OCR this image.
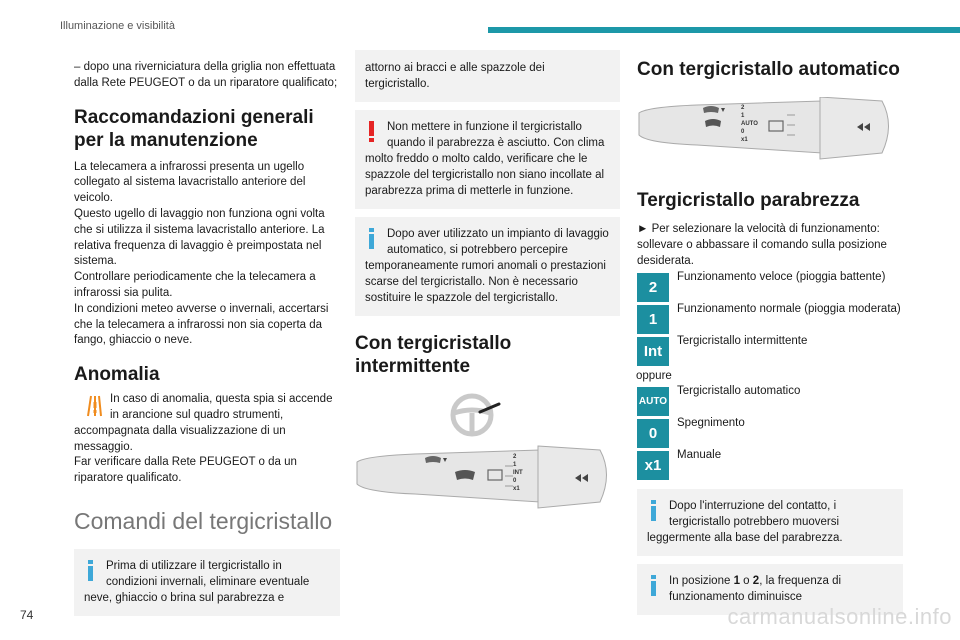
Illuminazione e visibilità

– dopo una riverniciatura della griglia non effettuata dalla Rete PEUGEOT o da un riparatore qualificato;

Raccomandazioni generali per la manutenzione

La telecamera a infrarossi presenta un ugello collegato al sistema lavacristallo anteriore del veicolo.

Questo ugello di lavaggio non funziona ogni volta che si utilizza il sistema lavacristallo anteriore. La relativa frequenza di lavaggio è preimpostata nel sistema.

Controllare periodicamente che la telecamera a infrarossi sia pulita.

In condizioni meteo avverse o invernali, accertarsi che la telecamera a infrarossi non sia coperta da fango, ghiaccio o neve.

Anomalia

In caso di anomalia, questa spia si accende in arancione sul quadro strumenti, accompagnata dalla visualizzazione di un messaggio.

Far verificare dalla Rete PEUGEOT o da un riparatore qualificato.

Comandi del tergicristallo
Prima di utilizzare il tergicristallo in condizioni invernali, eliminare eventuale neve, ghiaccio o brina sul parabrezza e
attorno ai bracci e alle spazzole dei tergicristallo.
Non mettere in funzione il tergicristallo quando il parabrezza è asciutto. Con clima molto freddo o molto caldo, verificare che le spazzole del tergicristallo non siano incollate al parabrezza prima di metterle in funzione.
Dopo aver utilizzato un impianto di lavaggio automatico, si potrebbero percepire temporaneamente rumori anomali o prestazioni scarse del tergicristallo. Non è necessario sostituire le spazzole del tergicristallo.
Con tergicristallo intermittente
2
1
INT
0
x1
Con tergicristallo automatico
2
1
AUTO
0
x1
Tergicristallo parabrezza

► Per selezionare la velocità di funzionamento: sollevare o abbassare il comando sulla posizione desiderata.

2
Funzionamento veloce (pioggia battente)
1
Funzionamento normale (pioggia moderata)
Int
Tergicristallo intermittente

oppure

AUTO
Tergicristallo automatico
0
Spegnimento
x1
Manuale
Dopo l'interruzione del contatto, i tergicristallo potrebbero muoversi leggermente alla base del parabrezza.
In posizione 1 o 2, la frequenza di funzionamento diminuisce
74	carmanualsonline.info
